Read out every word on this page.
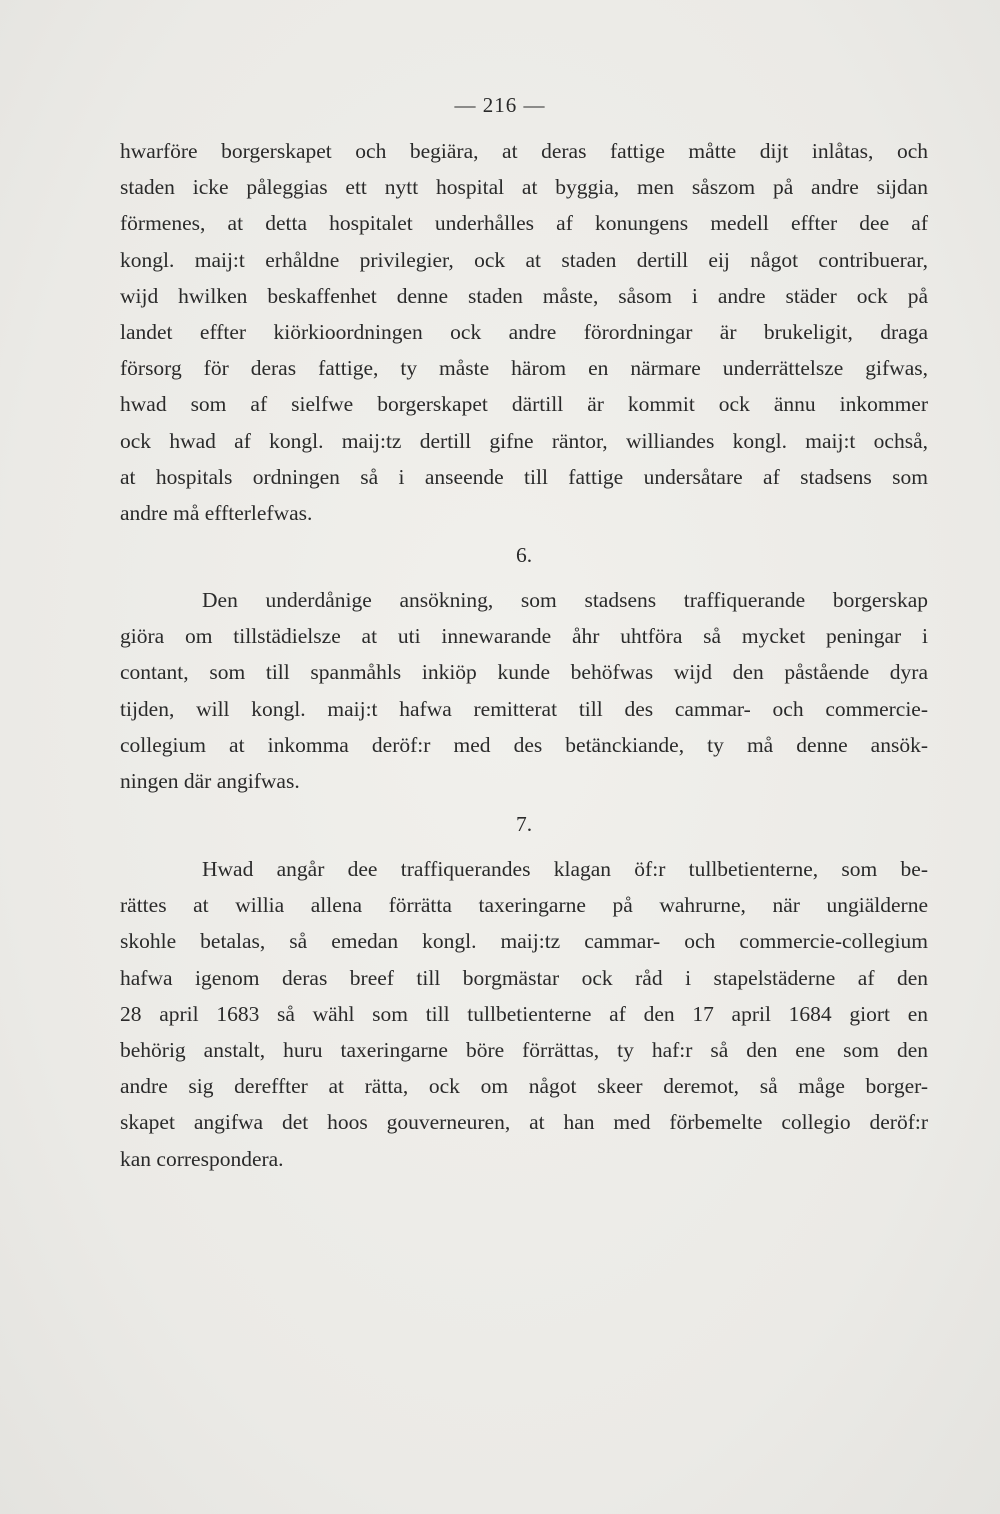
— 216 —
hwarföre borgerskapet och begiära, at deras fattige måtte dijt inlåtas, och
staden icke påleggias ett nytt hospital at byggia, men såszom på andre sijdan
förmenes, at detta hospitalet underhålles af konungens medell effter dee af
kongl. maij:t erhåldne privilegier, ock at staden dertill eij något contribuerar,
wijd hwilken beskaffenhet denne staden måste, såsom i andre städer ock på
landet effter kiörkioordningen ock andre förordningar är brukeligit, draga
försorg för deras fattige, ty måste härom en närmare underrättelsze gifwas,
hwad som af sielfwe borgerskapet därtill är kommit ock ännu inkommer
ock hwad af kongl. maij:tz dertill gifne räntor, williandes kongl. maij:t ochså,
at hospitals ordningen så i anseende till fattige undersåtare af stadsens som
andre må effterlefwas.
6.
Den underdånige ansökning, som stadsens traffiquerande borgerskap
giöra om tillstädielsze at uti innewarande åhr uhtföra så mycket peningar i
contant, som till spanmåhls inkiöp kunde behöfwas wijd den påstående dyra
tijden, will kongl. maij:t hafwa remitterat till des cammar- och commercie-
collegium at inkomma deröf:r med des betänckiande, ty må denne ansök-
ningen där angifwas.
7.
Hwad angår dee traffiquerandes klagan öf:r tullbetienterne, som be-
rättes at willia allena förrätta taxeringarne på wahrurne, när ungiälderne
skohle betalas, så emedan kongl. maij:tz cammar- och commercie-collegium
hafwa igenom deras breef till borgmästar ock råd i stapelstäderne af den
28 april 1683 så wähl som till tullbetienterne af den 17 april 1684 giort en
behörig anstalt, huru taxeringarne böre förrättas, ty haf:r så den ene som den
andre sig dereffter at rätta, ock om något skeer deremot, så måge borger-
skapet angifwa det hoos gouverneuren, at han med förbemelte collegio deröf:r
kan correspondera.
